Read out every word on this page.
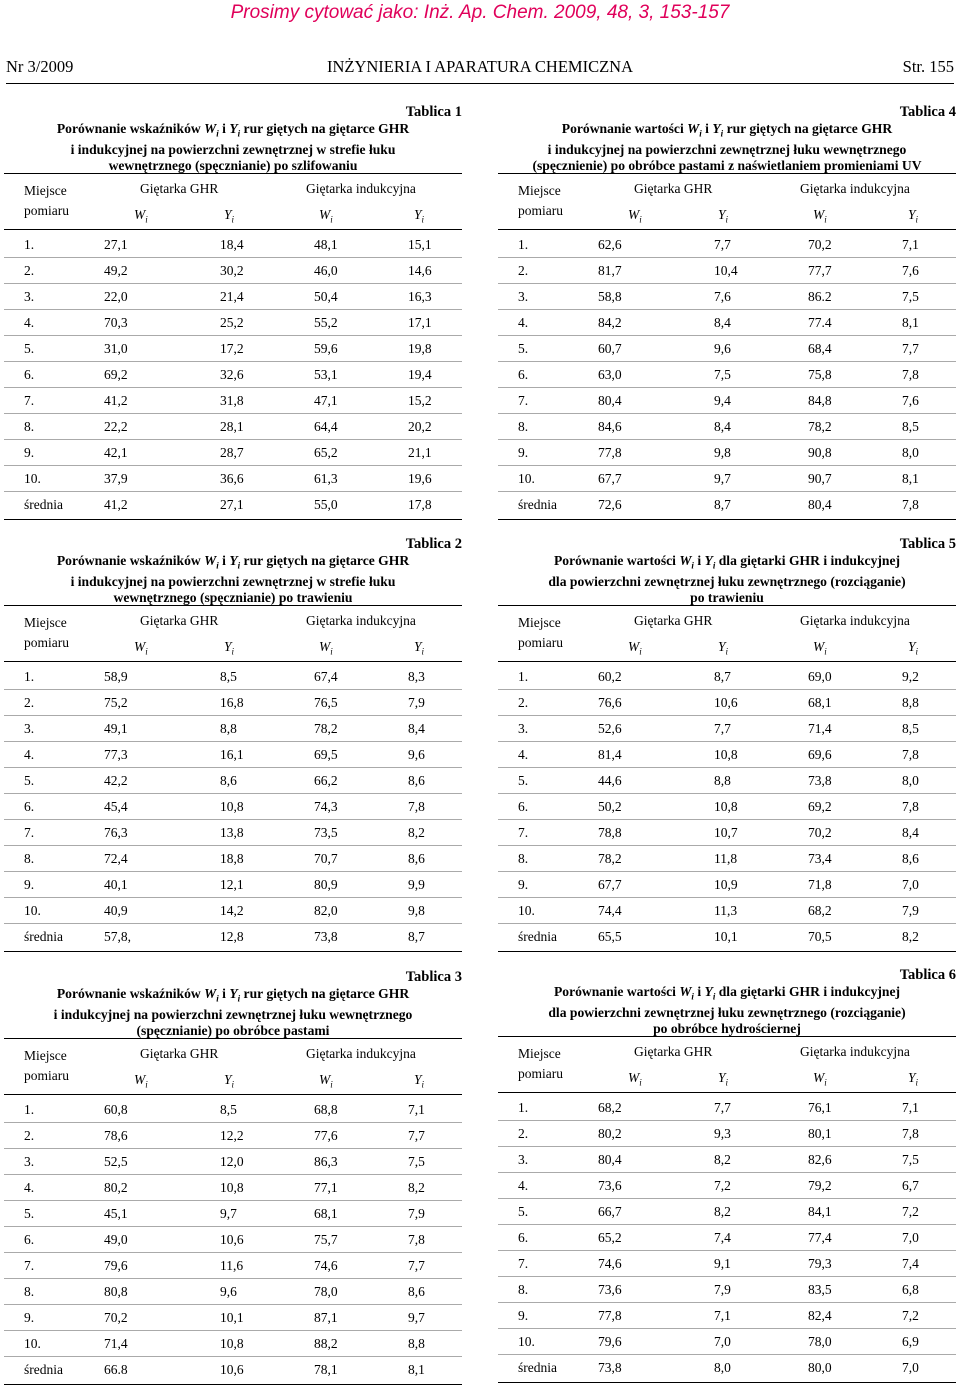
Prosimy cytować jako: Inż. Ap. Chem. 2009, 48, 3, 153-157
INŻYNIERIA I APARATURA CHEMICZNA
Nr 3/2009	Str. 155
Tablica 1
Porównanie wskaźników $W_i$ i $Y_i$ rur giętych na giętarce GHR
i indukcyjnej na powierzchni zewnętrznej w strefie łuku
wewnętrznego (spęcznianie) po szlifowaniu
Miejsce
pomiaru
Giętarka GHR	Giętarka indukcyjna
$W_i$	$Y_i$	$W_i$	$Y_i$
1.	27,1	18,4	48,1	15,1
2.	49,2	30,2	46,0	14,6
3.	22,0	21,4	50,4	16,3
4.	70,3	25,2	55,2	17,1
5.	31,0	17,2	59,6	19,8
6.	69,2	32,6	53,1	19,4
7.	41,2	31,8	47,1	15,2
8.	22,2	28,1	64,4	20,2
9.	42,1	28,7	65,2	21,1
10.	37,9	36,6	61,3	19,6
średnia	41,2	27,1	55,0	17,8
Tablica 4
Porównanie wartości $W_i$ i $Y_i$ rur giętych na giętarce GHR
i indukcyjnej na powierzchni zewnętrznej łuku wewnętrznego
(spęcznienie) po obróbce pastami z naświetlaniem promieniami UV
Miejsce
pomiaru
Giętarka GHR	Giętarka indukcyjna
$W_i$	$Y_i$	$W_i$	$Y_i$
1.	62,6	7,7	70,2	7,1
2.	81,7	10,4	77,7	7,6
3.	58,8	7,6	86.2	7,5
4.	84,2	8,4	77.4	8,1
5.	60,7	9,6	68,4	7,7
6.	63,0	7,5	75,8	7,8
7.	80,4	9,4	84,8	7,6
8.	84,6	8,4	78,2	8,5
9.	77,8	9,8	90,8	8,0
10.	67,7	9,7	90,7	8,1
średnia	72,6	8,7	80,4	7,8
Tablica 2
Porównanie wskaźników $W_i$ i $Y_i$ rur giętych na giętarce GHR
i indukcyjnej na powierzchni zewnętrznej w strefie łuku
wewnętrznego (spęcznianie) po trawieniu
Miejsce
pomiaru
Giętarka GHR	Giętarka indukcyjna
$W_i$	$Y_i$	$W_i$	$Y_i$
1.	58,9	8,5	67,4	8,3
2.	75,2	16,8	76,5	7,9
3.	49,1	8,8	78,2	8,4
4.	77,3	16,1	69,5	9,6
5.	42,2	8,6	66,2	8,6
6.	45,4	10,8	74,3	7,8
7.	76,3	13,8	73,5	8,2
8.	72,4	18,8	70,7	8,6
9.	40,1	12,1	80,9	9,9
10.	40,9	14,2	82,0	9,8
średnia	57,8,	12,8	73,8	8,7
Tablica 5
Porównanie wartości $W_i$ i $Y_i$ dla giętarki GHR i indukcyjnej
dla powierzchni zewnętrznej łuku zewnętrznego (rozciąganie)
po trawieniu
Miejsce
pomiaru
Giętarka GHR	Giętarka indukcyjna
$W_i$	$Y_i$	$W_i$	$Y_i$
1.	60,2	8,7	69,0	9,2
2.	76,6	10,6	68,1	8,8
3.	52,6	7,7	71,4	8,5
4.	81,4	10,8	69,6	7,8
5.	44,6	8,8	73,8	8,0
6.	50,2	10,8	69,2	7,8
7.	78,8	10,7	70,2	8,4
8.	78,2	11,8	73,4	8,6
9.	67,7	10,9	71,8	7,0
10.	74,4	11,3	68,2	7,9
średnia	65,5	10,1	70,5	8,2
Tablica 3
Porównanie wskaźników $W_i$ i $Y_i$ rur giętych na giętarce GHR
i indukcyjnej na powierzchni zewnętrznej łuku wewnętrznego
(spęcznianie) po obróbce pastami
Miejsce
pomiaru
Giętarka GHR	Giętarka indukcyjna
$W_i$	$Y_i$	$W_i$	$Y_i$
1.	60,8	8,5	68,8	7,1
2.	78,6	12,2	77,6	7,7
3.	52,5	12,0	86,3	7,5
4.	80,2	10,8	77,1	8,2
5.	45,1	9,7	68,1	7,9
6.	49,0	10,6	75,7	7,8
7.	79,6	11,6	74,6	7,7
8.	80,8	9,6	78,0	8,6
9.	70,2	10,1	87,1	9,7
10.	71,4	10,8	88,2	8,8
średnia	66.8	10,6	78,1	8,1
Tablica 6
Porównanie wartości $W_i$ i $Y_i$ dla giętarki GHR i indukcyjnej
dla powierzchni zewnętrznej łuku zewnętrznego (rozciąganie)
po obróbce hydrościernej
Miejsce
pomiaru
Giętarka GHR	Giętarka indukcyjna
$W_i$	$Y_i$	$W_i$	$Y_i$
1.	68,2	7,7	76,1	7,1
2.	80,2	9,3	80,1	7,8
3.	80,4	8,2	82,6	7,5
4.	73,6	7,2	79,2	6,7
5.	66,7	8,2	84,1	7,2
6.	65,2	7,4	77,4	7,0
7.	74,6	9,1	79,3	7,4
8.	73,6	7,9	83,5	6,8
9.	77,8	7,1	82,4	7,2
10.	79,6	7,0	78,0	6,9
średnia	73,8	8,0	80,0	7,0
